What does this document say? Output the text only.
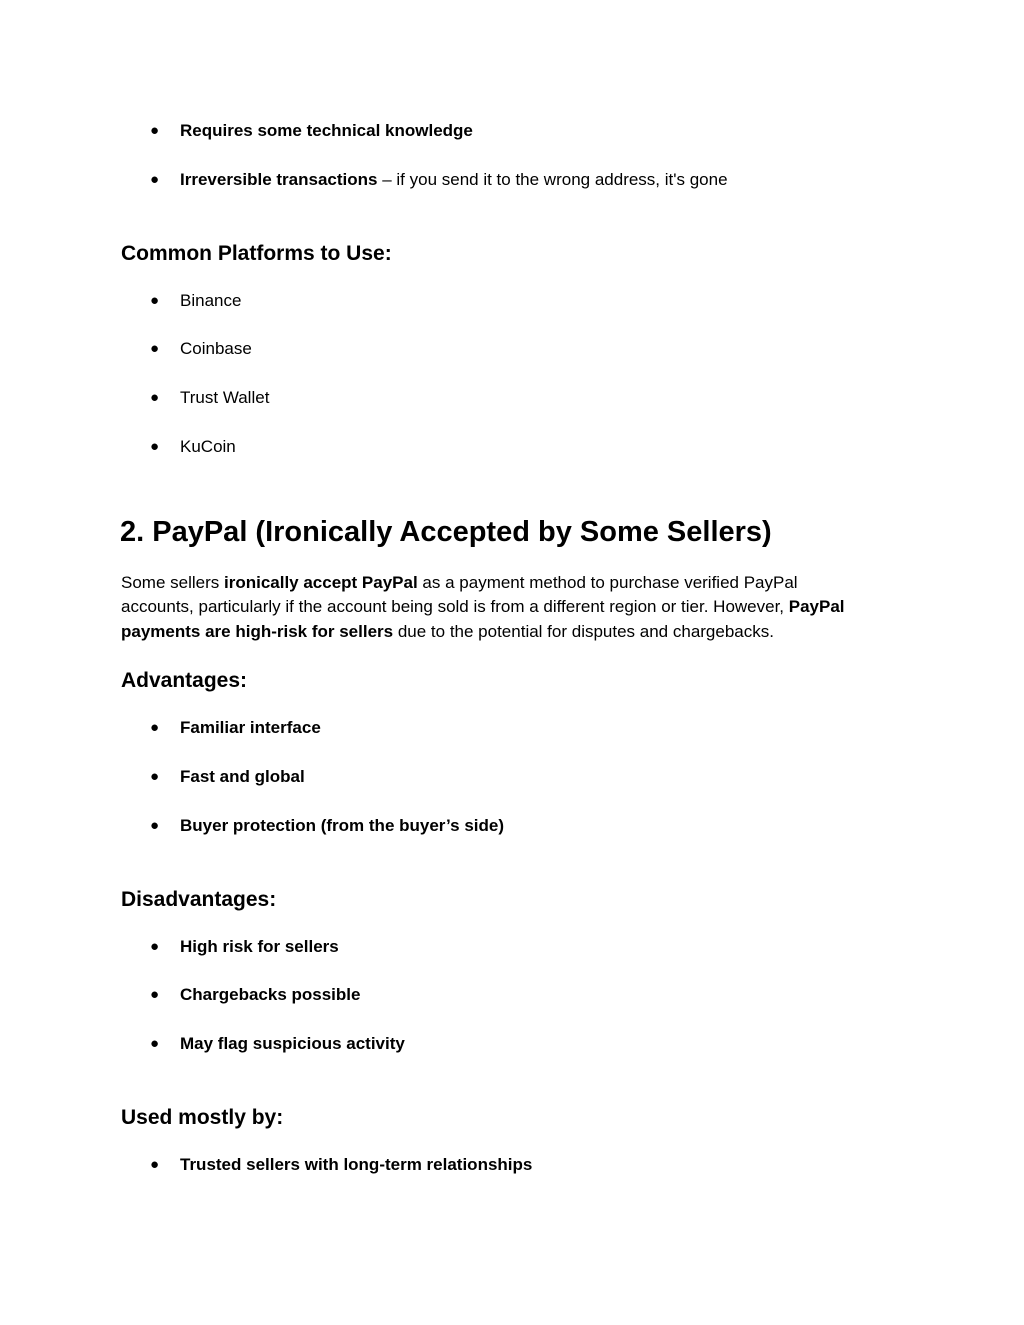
●	Requires some technical knowledge
●	Irreversible transactions – if you send it to the wrong address, it's gone
Common Platforms to Use:
●	Binance
●	Coinbase
●	Trust Wallet
●	KuCoin
2. PayPal (Ironically Accepted by Some Sellers)
Some sellers ironically accept PayPal as a payment method to purchase verified PayPal
accounts, particularly if the account being sold is from a different region or tier. However, PayPal
payments are high-risk for sellers due to the potential for disputes and chargebacks.
Advantages:
●	Familiar interface
●	Fast and global
●	Buyer protection (from the buyer’s side)
Disadvantages:
●	High risk for sellers
●	Chargebacks possible
●	May flag suspicious activity
Used mostly by:
●	Trusted sellers with long-term relationships
